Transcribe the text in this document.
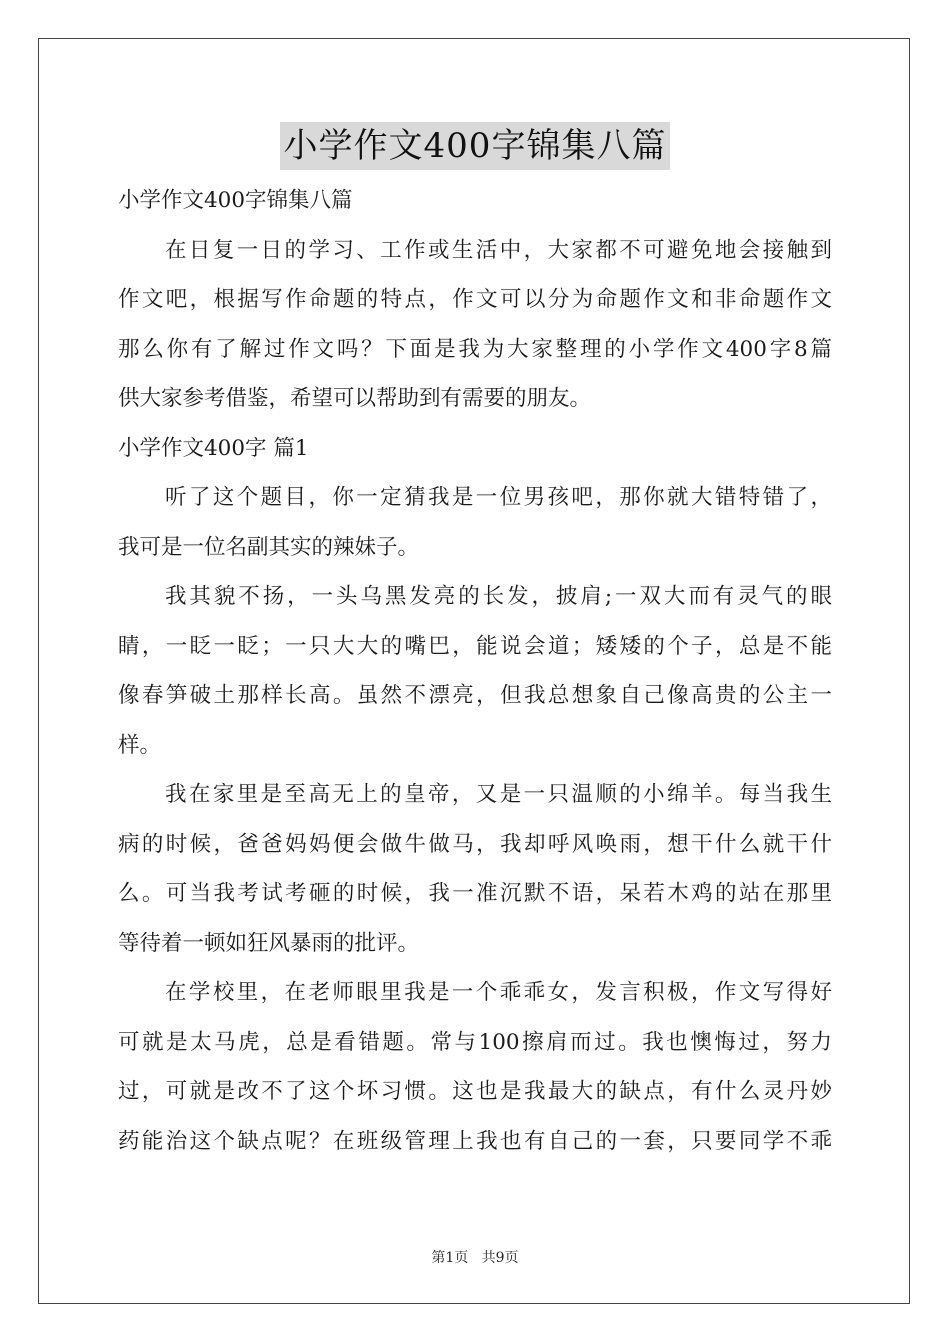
小学作文400字锦集八篇
小学作文400字锦集八篇
在日复一日的学习、工作或生活中，大家都不可避免地会接触到
作文吧，根据写作命题的特点，作文可以分为命题作文和非命题作文
那么你有了解过作文吗？下面是我为大家整理的小学作文400字8篇
供大家参考借鉴，希望可以帮助到有需要的朋友。
小学作文400字 篇1
听了这个题目，你一定猜我是一位男孩吧，那你就大错特错了，
我可是一位名副其实的辣妹子。
我其貌不扬，一头乌黑发亮的长发，披肩;一双大而有灵气的眼
睛，一眨一眨；一只大大的嘴巴，能说会道；矮矮的个子，总是不能
像春笋破土那样长高。虽然不漂亮，但我总想象自己像高贵的公主一
样。
我在家里是至高无上的皇帝，又是一只温顺的小绵羊。每当我生
病的时候，爸爸妈妈便会做牛做马，我却呼风唤雨，想干什么就干什
么。可当我考试考砸的时候，我一准沉默不语，呆若木鸡的站在那里
等待着一顿如狂风暴雨的批评。
在学校里，在老师眼里我是一个乖乖女，发言积极，作文写得好
可就是太马虎，总是看错题。常与100擦肩而过。我也懊悔过，努力
过，可就是改不了这个坏习惯。这也是我最大的缺点，有什么灵丹妙
药能治这个缺点呢？在班级管理上我也有自己的一套，只要同学不乖
第1页   共9页
